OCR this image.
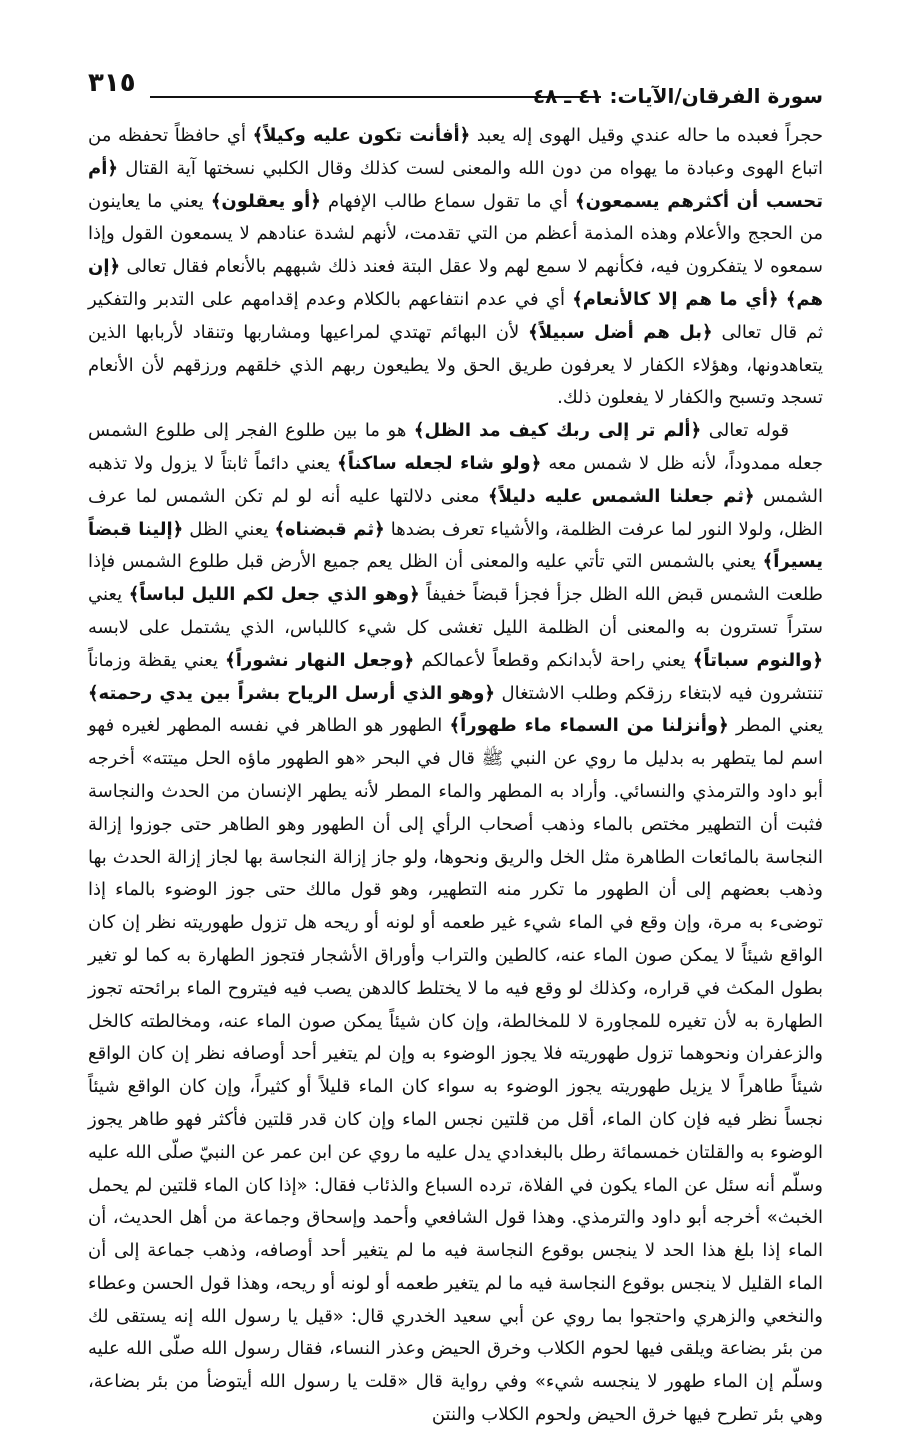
٣١٥	سورة الفرقان/الآيات: ٤١ ـ ٤٨

حجراً فعبده ما حاله عندي وقيل الهوى إله يعبد ﴿أفأنت تكون عليه وكيلاً﴾ أي حافظاً تحفظه من اتباع الهوى وعبادة ما يهواه من دون الله والمعنى لست كذلك وقال الكلبي نسختها آية القتال ﴿أم تحسب أن أكثرهم يسمعون﴾ أي ما تقول سماع طالب الإفهام ﴿أو يعقلون﴾ يعني ما يعاينون من الحجج والأعلام وهذه المذمة أعظم من التي تقدمت، لأنهم لشدة عنادهم لا يسمعون القول وإذا سمعوه لا يتفكرون فيه، فكأنهم لا سمع لهم ولا عقل البتة فعند ذلك شبههم بالأنعام فقال تعالى ﴿إن هم﴾ ﴿أي ما هم إلا كالأنعام﴾ أي في عدم انتفاعهم بالكلام وعدم إقدامهم على التدبر والتفكير ثم قال تعالى ﴿بل هم أضل سبيلاً﴾ لأن البهائم تهتدي لمراعيها ومشاربها وتنقاد لأربابها الذين يتعاهدونها، وهؤلاء الكفار لا يعرفون طريق الحق ولا يطيعون ربهم الذي خلقهم ورزقهم لأن الأنعام تسجد وتسبح والكفار لا يفعلون ذلك.

قوله تعالى ﴿ألم تر إلى ربك كيف مد الظل﴾ هو ما بين طلوع الفجر إلى طلوع الشمس جعله ممدوداً، لأنه ظل لا شمس معه ﴿ولو شاء لجعله ساكناً﴾ يعني دائماً ثابتاً لا يزول ولا تذهبه الشمس ﴿ثم جعلنا الشمس عليه دليلاً﴾ معنى دلالتها عليه أنه لو لم تكن الشمس لما عرف الظل، ولولا النور لما عرفت الظلمة، والأشياء تعرف بضدها ﴿ثم قبضناه﴾ يعني الظل ﴿إلينا قبضاً يسيراً﴾ يعني بالشمس التي تأتي عليه والمعنى أن الظل يعم جميع الأرض قبل طلوع الشمس فإذا طلعت الشمس قبض الله الظل جزأ فجزأ قبضاً خفيفاً ﴿وهو الذي جعل لكم الليل لباساً﴾ يعني ستراً تسترون به والمعنى أن الظلمة الليل تغشى كل شيء كاللباس، الذي يشتمل على لابسه ﴿والنوم سباتاً﴾ يعني راحة لأبدانكم وقطعاً لأعمالكم ﴿وجعل النهار نشوراً﴾ يعني يقظة وزماناً تنتشرون فيه لابتغاء رزقكم وطلب الاشتغال ﴿وهو الذي أرسل الرياح بشراً بين يدي رحمته﴾ يعني المطر ﴿وأنزلنا من السماء ماء طهوراً﴾ الطهور هو الطاهر في نفسه المطهر لغيره فهو اسم لما يتطهر به بدليل ما روي عن النبي ﷺ قال في البحر «هو الطهور ماؤه الحل ميتته» أخرجه أبو داود والترمذي والنسائي. وأراد به المطهر والماء المطر لأنه يطهر الإنسان من الحدث والنجاسة فثبت أن التطهير مختص بالماء وذهب أصحاب الرأي إلى أن الطهور وهو الطاهر حتى جوزوا إزالة النجاسة بالمائعات الطاهرة مثل الخل والريق ونحوها، ولو جاز إزالة النجاسة بها لجاز إزالة الحدث بها وذهب بعضهم إلى أن الطهور ما تكرر منه التطهير، وهو قول مالك حتى جوز الوضوء بالماء إذا توضىء به مرة، وإن وقع في الماء شيء غير طعمه أو لونه أو ريحه هل تزول طهوريته نظر إن كان الواقع شيئاً لا يمكن صون الماء عنه، كالطين والتراب وأوراق الأشجار فتجوز الطهارة به كما لو تغير بطول المكث في قراره، وكذلك لو وقع فيه ما لا يختلط كالدهن يصب فيه فيتروح الماء برائحته تجوز الطهارة به لأن تغيره للمجاورة لا للمخالطة، وإن كان شيئاً يمكن صون الماء عنه، ومخالطته كالخل والزعفران ونحوهما تزول طهوريته فلا يجوز الوضوء به وإن لم يتغير أحد أوصافه نظر إن كان الواقع شيئاً طاهراً لا يزيل طهوريته يجوز الوضوء به سواء كان الماء قليلاً أو كثيراً، وإن كان الواقع شيئاً نجساً نظر فيه فإن كان الماء، أقل من قلتين نجس الماء وإن كان قدر قلتين فأكثر فهو طاهر يجوز الوضوء به والقلتان خمسمائة رطل بالبغدادي يدل عليه ما روي عن ابن عمر عن النبيّ صلّى الله عليه وسلّم أنه سئل عن الماء يكون في الفلاة، ترده السباع والذئاب فقال: «إذا كان الماء قلتين لم يحمل الخبث» أخرجه أبو داود والترمذي. وهذا قول الشافعي وأحمد وإسحاق وجماعة من أهل الحديث، أن الماء إذا بلغ هذا الحد لا ينجس بوقوع النجاسة فيه ما لم يتغير أحد أوصافه، وذهب جماعة إلى أن الماء القليل لا ينجس بوقوع النجاسة فيه ما لم يتغير طعمه أو لونه أو ريحه، وهذا قول الحسن وعطاء والنخعي والزهري واحتجوا بما روي عن أبي سعيد الخدري قال: «قيل يا رسول الله إنه يستقى لك من بئر بضاعة ويلقى فيها لحوم الكلاب وخرق الحيض وعذر النساء، فقال رسول الله صلّى الله عليه وسلّم إن الماء طهور لا ينجسه شيء» وفي رواية قال «قلت يا رسول الله أيتوضأ من بئر بضاعة، وهي بئر تطرح فيها خرق الحيض ولحوم الكلاب والنتن
